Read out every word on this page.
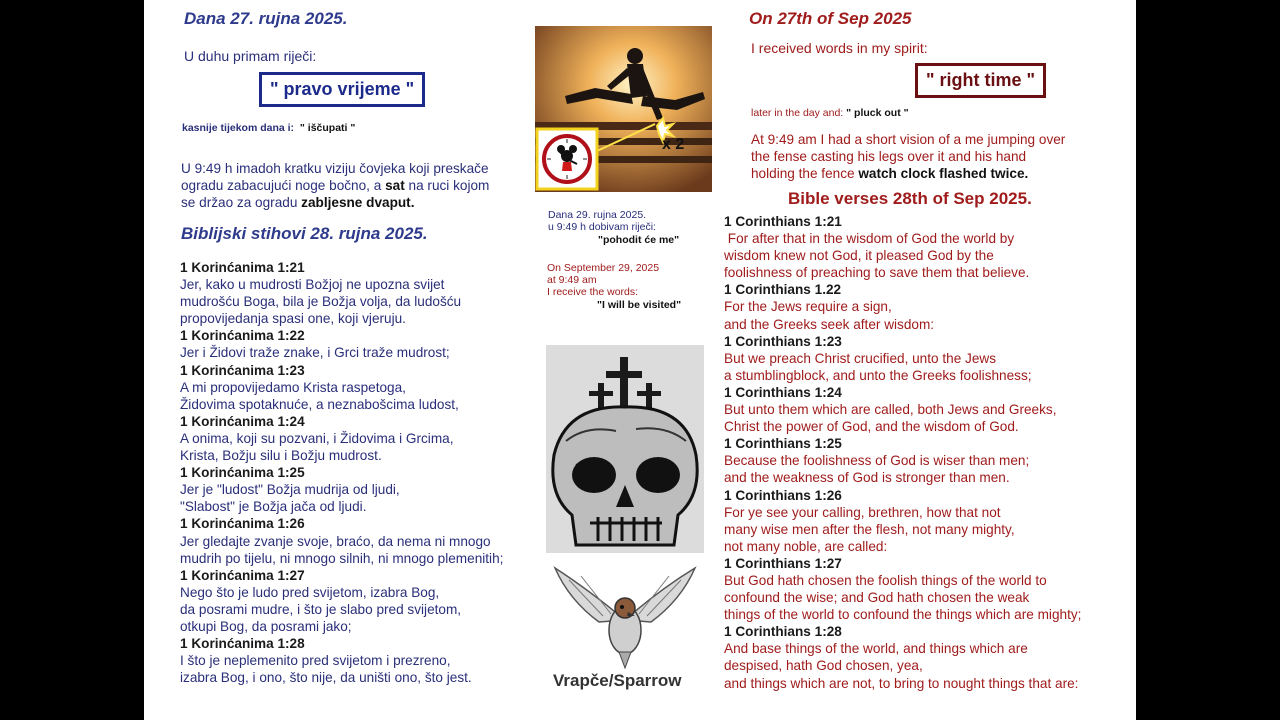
Dana 27. rujna 2025.
U duhu primam riječi:
" pravo vrijeme "
kasnije tijekom dana i: " iščupati "
U 9:49 h imadoh kratku viziju čovjeka koji preskače
ogradu zabacujući noge bočno, a sat na ruci kojom
se držao za ogradu zabljesne dvaput.
Biblijski stihovi 28. rujna 2025.
1 Korinćanima 1:21
Jer, kako u mudrosti Božjoj ne upozna svijet
mudrošću Boga, bila je Božja volja, da ludošću
propovijedanja spasi one, koji vjeruju.
1 Korinćanima 1:22
Jer i Židovi traže znake, i Grci traže mudrost;
1 Korinćanima 1:23
A mi propovijedamo Krista raspetoga,
Židovima spotaknuće, a neznabošcima ludost,
1 Korinćanima 1:24
A onima, koji su pozvani, i Židovima i Grcima,
Krista, Božju silu i Božju mudrost.
1 Korinćanima 1:25
Jer je "ludost" Božja mudrija od ljudi,
"Slabost" je Božja jača od ljudi.
1 Korinćanima 1:26
Jer gledajte zvanje svoje, braćo, da nema ni mnogo
mudrih po tijelu, ni mnogo silnih, ni mnogo plemenitih;
1 Korinćanima 1:27
Nego što je ludo pred svijetom, izabra Bog,
da posrami mudre, i što je slabo pred svijetom,
otkupi Bog, da posrami jako;
1 Korinćanima 1:28
I što je neplemenito pred svijetom i prezreno,
izabra Bog, i ono, što nije, da uništi ono, što jest.
x 2
Dana 29. rujna 2025.
u 9:49 h dobivam riječi:
"pohodit će me"
On September 29, 2025
at 9:49 am
I receive the words:
"I will be visited"
Vrapče/Sparrow
On 27th of Sep 2025
I received words in my spirit:
" right time "
later in the day and: " pluck out "
At 9:49 am I had a short vision of a me jumping over
the fense casting his legs over it and his hand
holding the fence watch clock flashed twice.
Bible verses 28th of Sep 2025.
1 Corinthians 1:21
For after that in the wisdom of God the world by
wisdom knew not God, it pleased God by the
foolishness of preaching to save them that believe.
1 Corinthians 1.22
For the Jews require a sign,
and the Greeks seek after wisdom:
1 Corinthians 1:23
But we preach Christ crucified, unto the Jews
a stumblingblock, and unto the Greeks foolishness;
1 Corinthians 1:24
But unto them which are called, both Jews and Greeks,
Christ the power of God, and the wisdom of God.
1 Corinthians 1:25
Because the foolishness of God is wiser than men;
and the weakness of God is stronger than men.
1 Corinthians 1:26
For ye see your calling, brethren, how that not
many wise men after the flesh, not many mighty,
not many noble, are called:
1 Corinthians 1:27
But God hath chosen the foolish things of the world to
confound the wise; and God hath chosen the weak
things of the world to confound the things which are mighty;
1 Corinthians 1:28
And base things of the world, and things which are
despised, hath God chosen, yea,
and things which are not, to bring to nought things that are:
